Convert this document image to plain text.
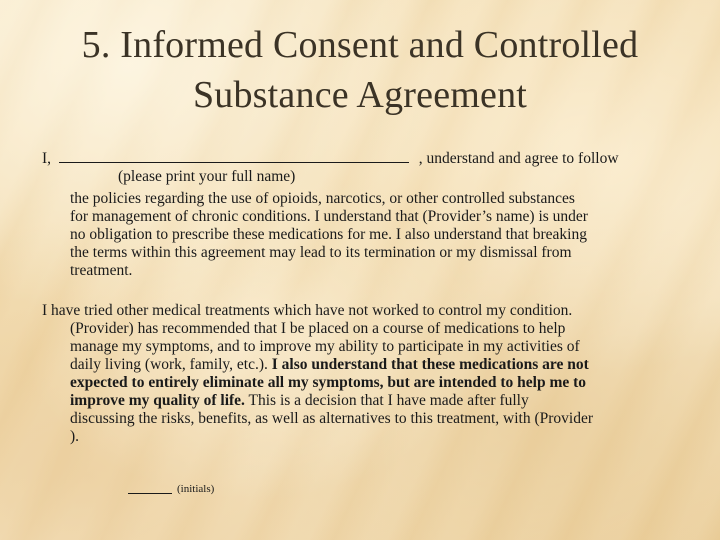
5. Informed Consent and Controlled
Substance Agreement
I,	, understand and agree to follow
(please print your full name)
the policies regarding the use of opioids, narcotics, or other controlled substances
for management of chronic conditions. I understand that (Provider’s name) is under
no obligation to prescribe these medications for me. I also understand that breaking
the terms within this agreement may lead to its termination or my dismissal from
treatment.
I have tried other medical treatments which have not worked to control my condition.
(Provider) has recommended that I be placed on a course of medications to help
manage my symptoms, and to improve my ability to participate in my activities of
daily living (work, family, etc.). I also understand that these medications are not
expected to entirely eliminate all my symptoms, but are intended to help me to
improve my quality of life. This is a decision that I have made after fully
discussing the risks, benefits, as well as alternatives to this treatment, with (Provider
).
(initials)
